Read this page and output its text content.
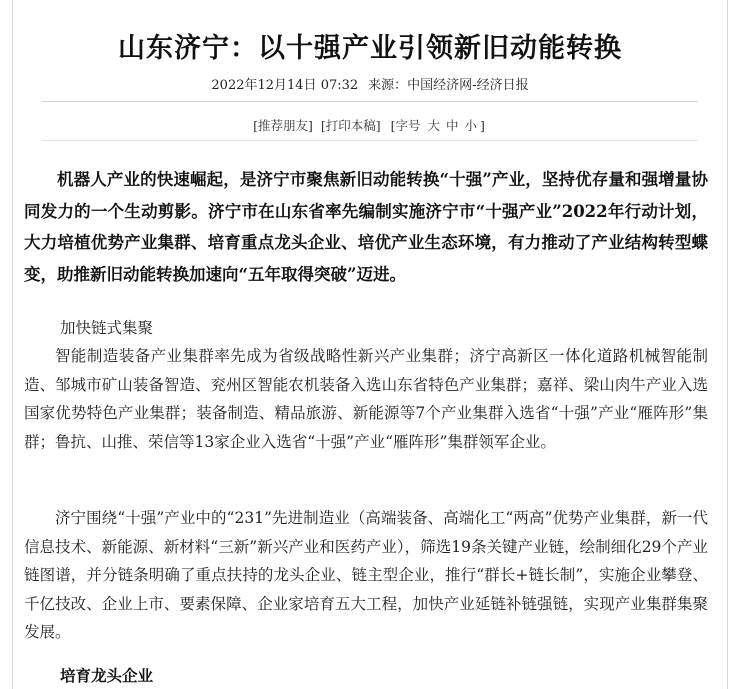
山东济宁：以十强产业引领新旧动能转换
2022年12月14日 07:32 来源：中国经济网-经济日报
[推荐朋友] [打印本稿] [字号 大 中 小 ]

机器人产业的快速崛起，是济宁市聚焦新旧动能转换“十强”产业，坚持优存量和强增量协同发力的一个生动剪影。济宁市在山东省率先编制实施济宁市“十强产业”2022年行动计划，大力培植优势产业集群、培育重点龙头企业、培优产业生态环境，有力推动了产业结构转型蝶变，助推新旧动能转换加速向“五年取得突破”迈进。

加快链式集聚

智能制造装备产业集群率先成为省级战略性新兴产业集群；济宁高新区一体化道路机械智能制造、邹城市矿山装备智造、兖州区智能农机装备入选山东省特色产业集群；嘉祥、梁山肉牛产业入选国家优势特色产业集群；装备制造、精品旅游、新能源等7个产业集群入选省“十强”产业“雁阵形”集群；鲁抗、山推、荣信等13家企业入选省“十强”产业“雁阵形”集群领军企业。

济宁围绕“十强”产业中的“231”先进制造业（高端装备、高端化工“两高”优势产业集群，新一代信息技术、新能源、新材料“三新”新兴产业和医药产业），筛选19条关键产业链，绘制细化29个产业链图谱，并分链条明确了重点扶持的龙头企业、链主型企业，推行“群长+链长制”，实施企业攀登、千亿技改、企业上市、要素保障、企业家培育五大工程，加快产业延链补链强链，实现产业集群集聚发展。

培育龙头企业
